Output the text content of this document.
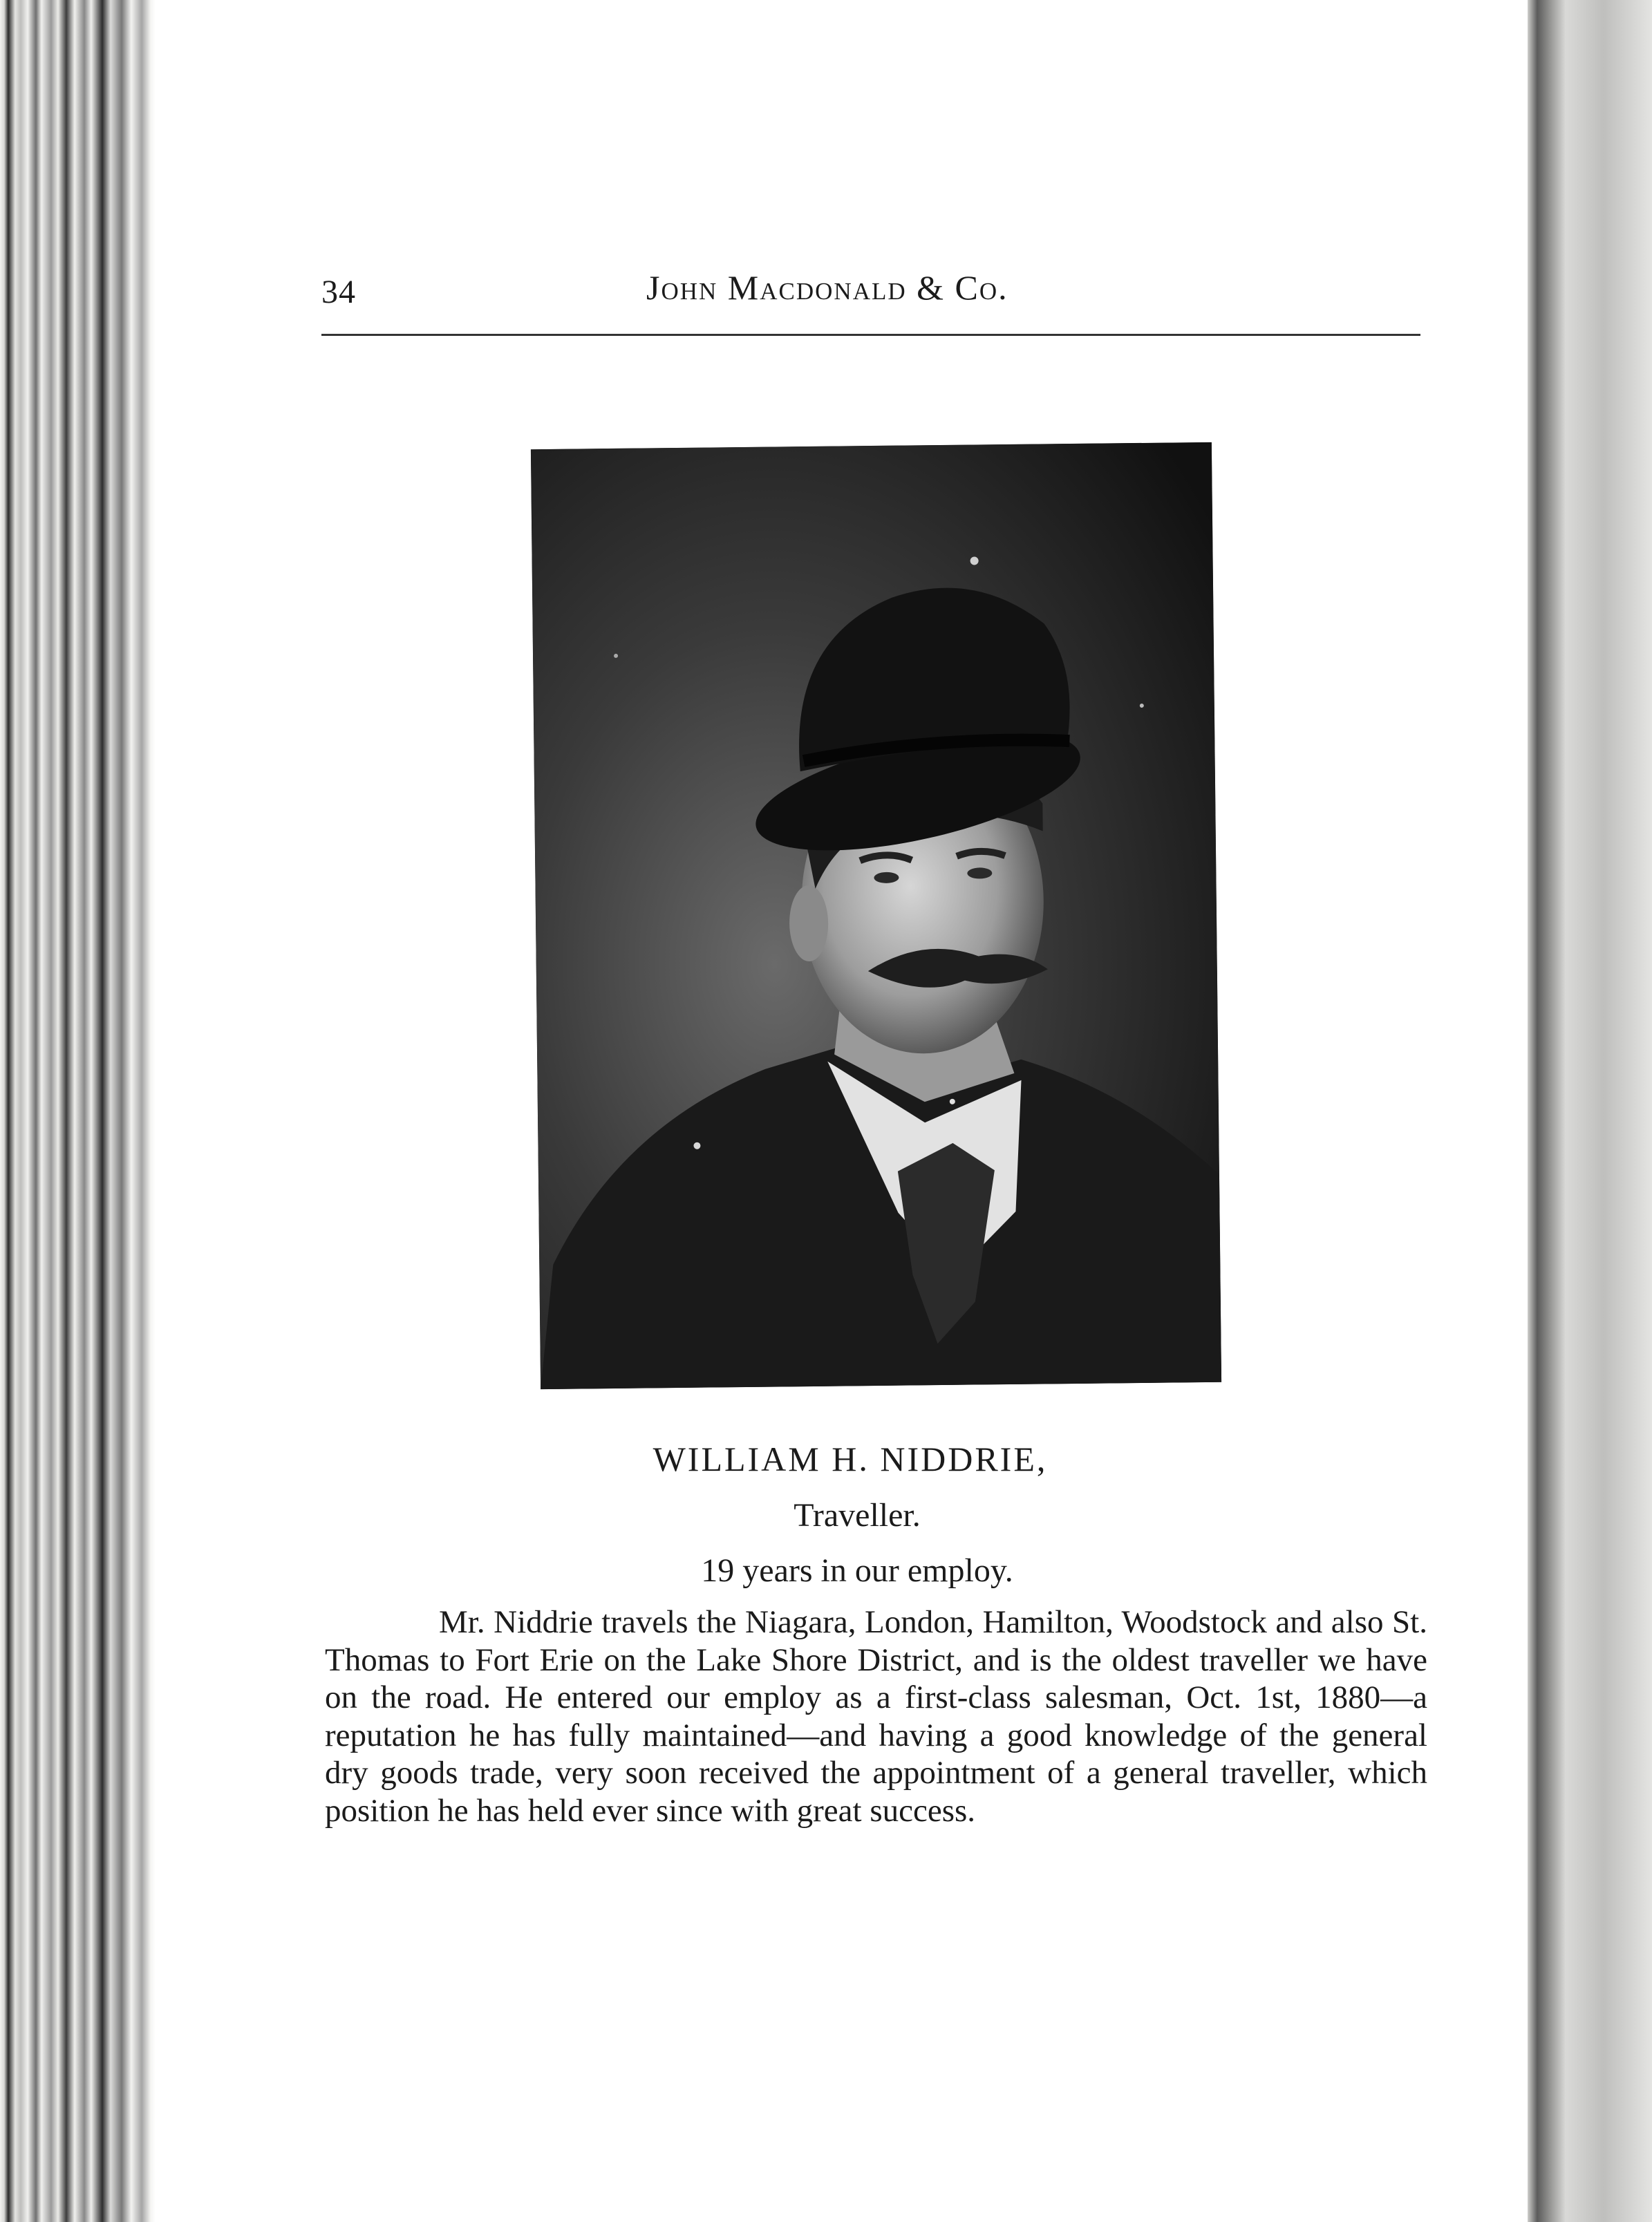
34	John Macdonald & Co.
WILLIAM H. NIDDRIE,
Traveller.
19 years in our employ.
Mr. Niddrie travels the Niagara, London, Hamilton, Woodstock and also St. Thomas to Fort Erie on the Lake Shore District, and is the oldest traveller we have on the road. He entered our employ as a first-class salesman, Oct. 1st, 1880—a reputation he has fully maintained—and having a good knowledge of the general dry goods trade, very soon received the appointment of a general traveller, which position he has held ever since with great success.
